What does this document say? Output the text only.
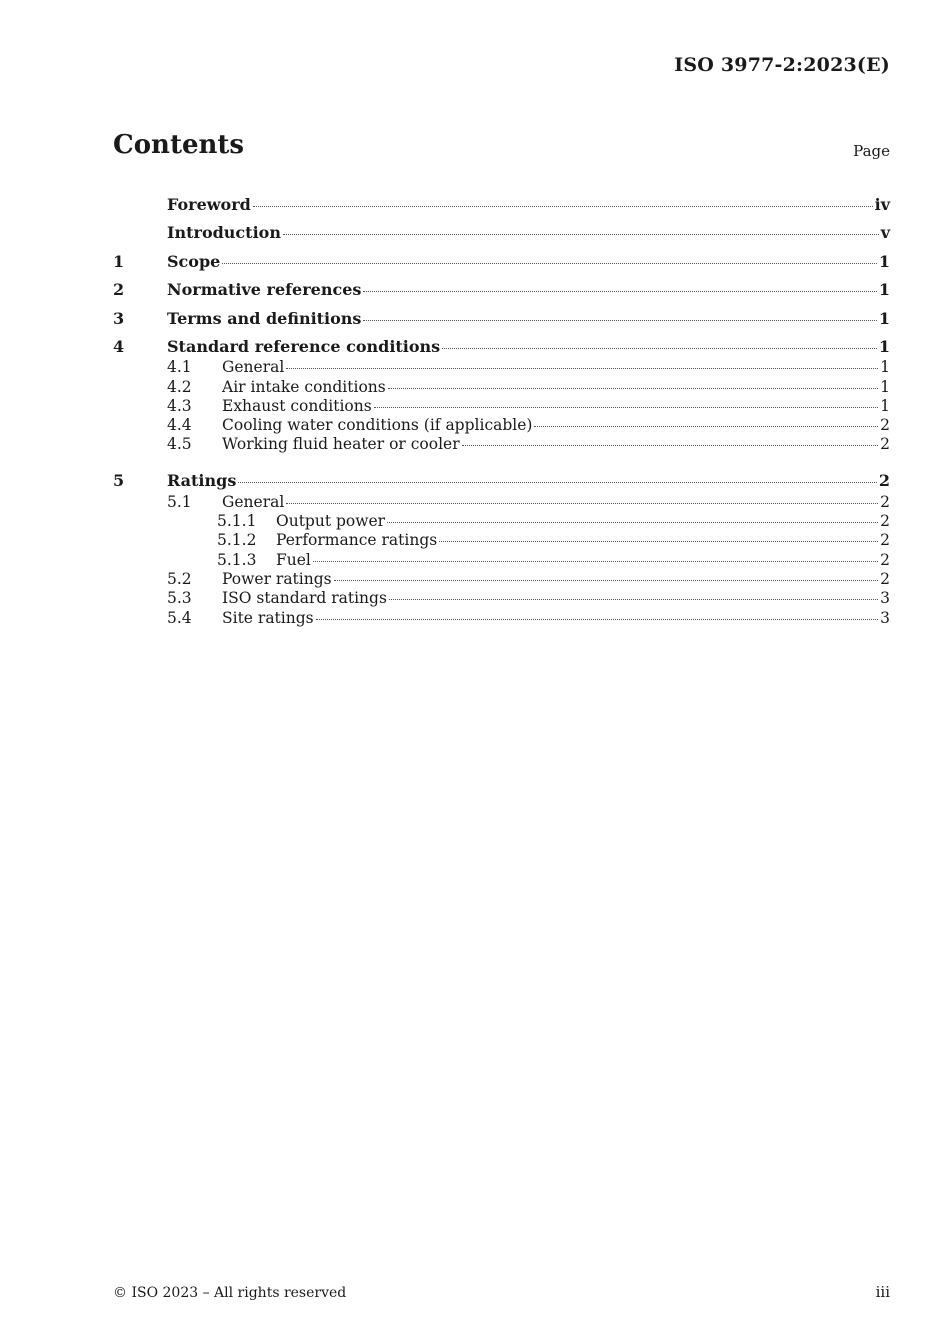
ISO 3977-2:2023(E)
Contents	Page
Foreword	iv
Introduction	v
1	Scope	1
2	Normative references	1
3	Terms and definitions	1
4	Standard reference conditions	1
4.1	General	1
4.2	Air intake conditions	1
4.3	Exhaust conditions	1
4.4	Cooling water conditions (if applicable)	2
4.5	Working fluid heater or cooler	2
5	Ratings	2
5.1	General	2
5.1.1	Output power	2
5.1.2	Performance ratings	2
5.1.3	Fuel	2
5.2	Power ratings	2
5.3	ISO standard ratings	3
5.4	Site ratings	3
© ISO 2023 – All rights reserved	iii
